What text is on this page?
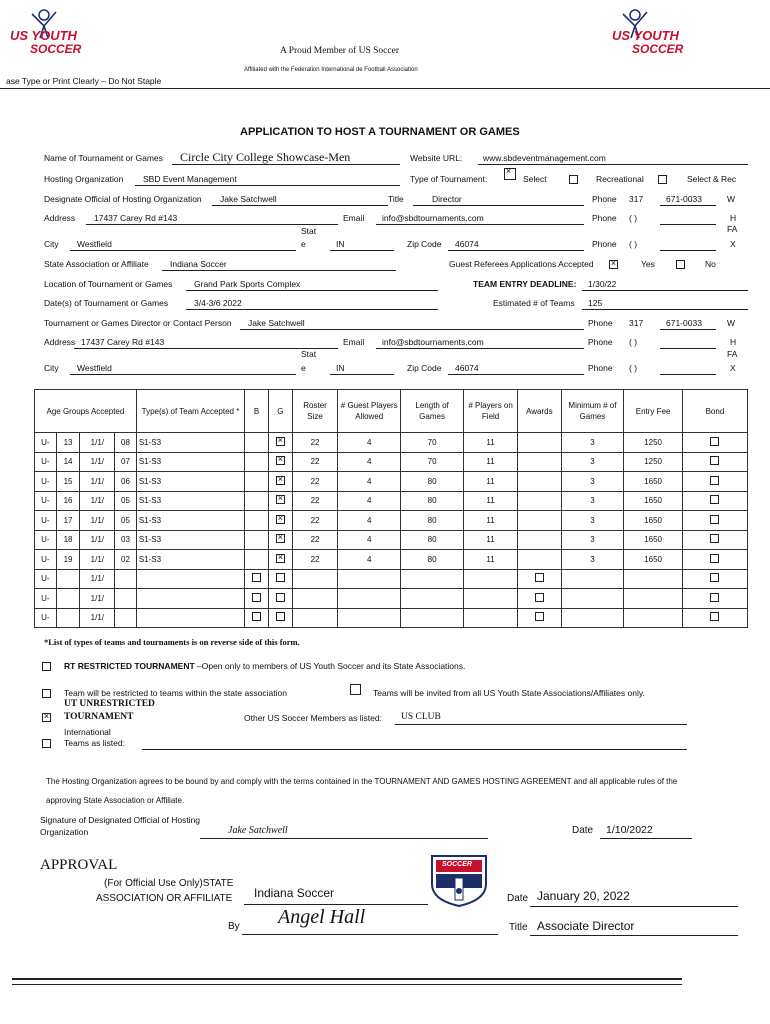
US YOUTH
SOCCER
US YOUTH
SOCCER
A Proud Member of US Soccer
Affiliated with the Federation International de Football Association
ase Type or Print Clearly – Do Not Staple
APPLICATION TO HOST A TOURNAMENT OR GAMES
Name of Tournament or Games Circle City College Showcase-Men	Website URL: www.sbdeventmanagement.com
Hosting Organization SBD Event Management	Type of Tournament: ×	Select	Recreational	Select & Rec
Designate Official of Hosting Organization Jake Satchwell	Title	Director	Phone 317	671-0033	W
Address 17437 Carey Rd #143	Email info@sbdtournaments.com	Phone ( )	H
FA
Stat
City Westfield	e	IN	Zip Code 46074	Phone ( )	X
State Association or Affiliate	Indiana Soccer	Guest Referees Applications Accepted ×	Yes	No
Location of Tournament or Games	Grand Park Sports Complex	TEAM ENTRY DEADLINE: 1/30/22
Date(s) of Tournament or Games	3/4-3/6 2022	Estimated # of Teams 125
Tournament or Games Director or Contact Person Jake Satchwell	Phone 317	671-0033	W
Address 17437 Carey Rd #143	Email info@sbdtournaments.com	Phone ( )	H
FA
Stat
City Westfield	e	IN	Zip Code 46074	Phone ( )	X
Age Groups Accepted				Type(s) of Team Accepted *	B	G	Roster Size	# Guest Players Allowed	Length of Games	# Players on Field	Awards	Minimum # of Games	Entry Fee	Bond
U-	13	1/1/	08	S1-S3		×	22	4	70	11		3	1250	
U-	14	1/1/	07	S1-S3		×	22	4	70	11		3	1250	
U-	15	1/1/	06	S1-S3		×	22	4	80	11		3	1650	
U-	16	1/1/	05	S1-S3		×	22	4	80	11		3	1650	
U-	17	1/1/	05	S1-S3		×	22	4	80	11		3	1650	
U-	18	1/1/	03	S1-S3		×	22	4	80	11		3	1650	
U-	19	1/1/	02	S1-S3		×	22	4	80	11		3	1650	
U-		1/1/												
U-		1/1/												
U-		1/1/												
*List of types of teams and tournaments is on reverse side of this form.
RT RESTRICTED TOURNAMENT –Open only to members of US Youth Soccer and its State Associations.
Team will be restricted to teams within the state association	Teams will be invited from all US Youth State Associations/Affiliates only.
UT UNRESTRICTED
×
TOURNAMENT	Other US Soccer Members as listed: US CLUB
International
Teams as listed:
The Hosting Organization agrees to be bound by and comply with the terms contained in the TOURNAMENT AND GAMES HOSTING AGREEMENT and all applicable rules of the
approving State Association or Affiliate.
Signature of Designated Official of Hosting
Organization	Jake Satchwell	Date 1/10/2022
APPROVAL
(For Official Use Only)STATE
ASSOCIATION OR AFFILIATE Indiana Soccer
SOCCER
Date January 20, 2022
By Angel Hall	Title Associate Director
